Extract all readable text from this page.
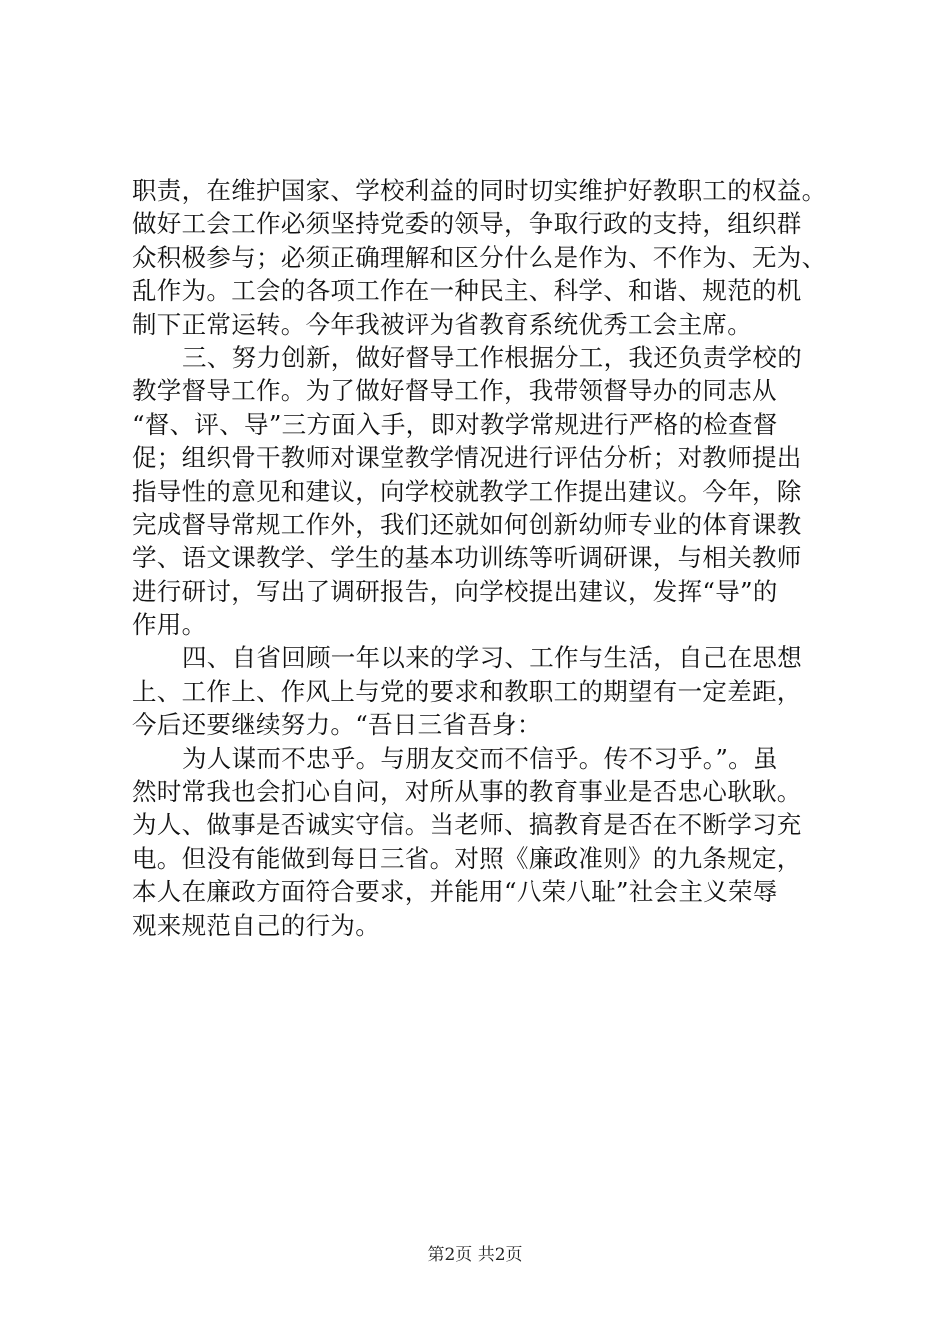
职责，在维护国家、学校利益的同时切实维护好教职工的权益。
做好工会工作必须坚持党委的领导，争取行政的支持，组织群
众积极参与；必须正确理解和区分什么是作为、不作为、无为、
乱作为。工会的各项工作在一种民主、科学、和谐、规范的机
制下正常运转。今年我被评为省教育系统优秀工会主席。
三、努力创新，做好督导工作根据分工，我还负责学校的
教学督导工作。为了做好督导工作，我带领督导办的同志从
“督、评、导”三方面入手，即对教学常规进行严格的检查督
促；组织骨干教师对课堂教学情况进行评估分析；对教师提出
指导性的意见和建议，向学校就教学工作提出建议。今年，除
完成督导常规工作外，我们还就如何创新幼师专业的体育课教
学、语文课教学、学生的基本功训练等听调研课，与相关教师
进行研讨，写出了调研报告，向学校提出建议，发挥“导”的
作用。
四、自省回顾一年以来的学习、工作与生活，自己在思想
上、工作上、作风上与党的要求和教职工的期望有一定差距，
今后还要继续努力。“吾日三省吾身：
为人谋而不忠乎。与朋友交而不信乎。传不习乎。”。虽
然时常我也会扪心自问，对所从事的教育事业是否忠心耿耿。
为人、做事是否诚实守信。当老师、搞教育是否在不断学习充
电。但没有能做到每日三省。对照《廉政准则》的九条规定，
本人在廉政方面符合要求，并能用“八荣八耻”社会主义荣辱
观来规范自己的行为。
第2页 共2页
